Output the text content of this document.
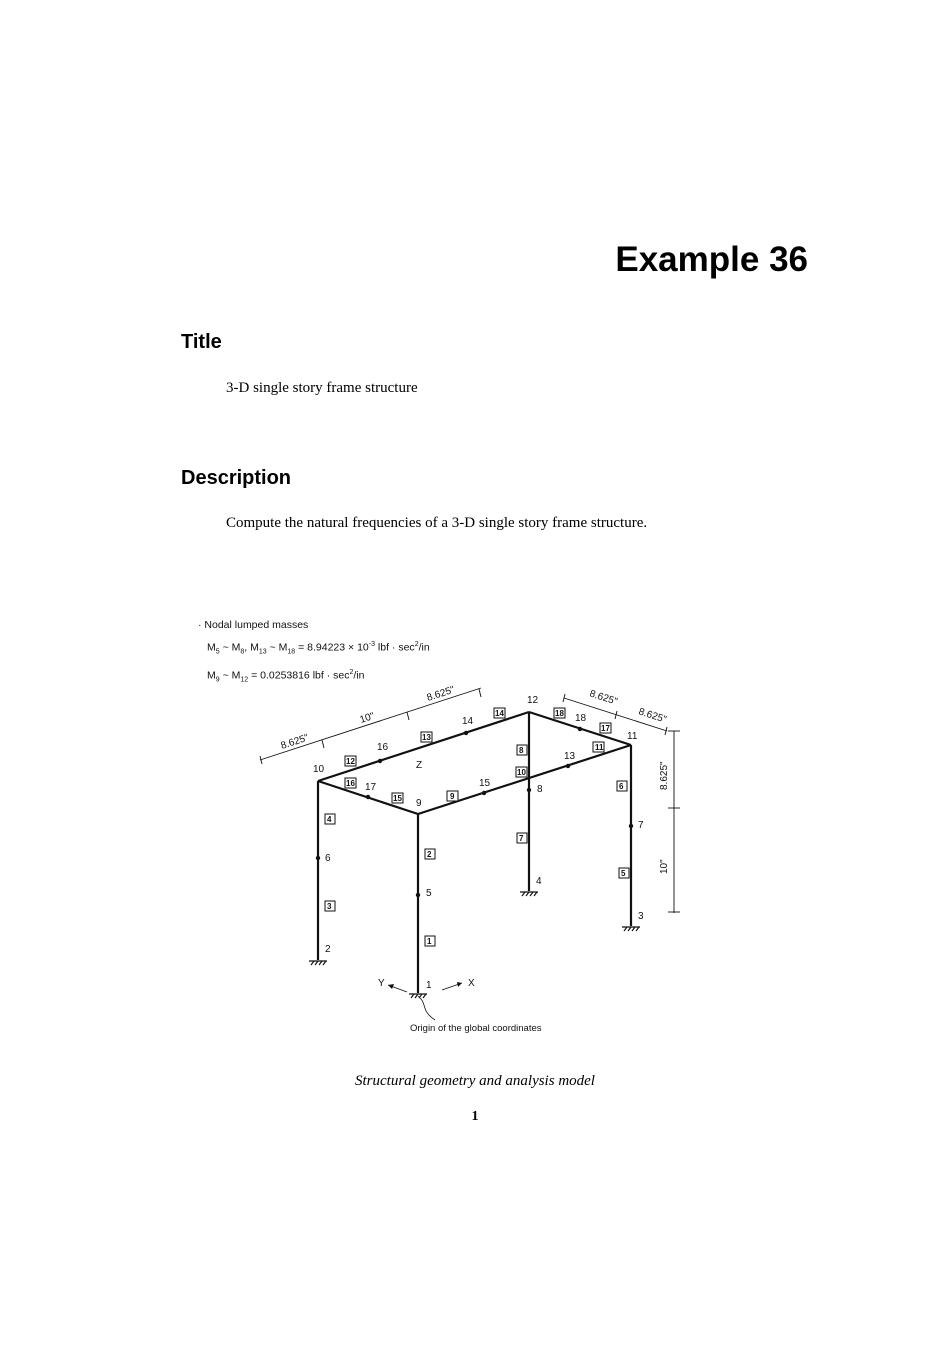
Example 36
Title
3-D single story frame structure
Description
Compute the natural frequencies of a 3-D single story frame structure.
· Nodal lumped masses
$M_5$ ~ $M_8$, $M_{13}$ ~ $M_{18} = 8.94223 \times 10^{-3}$ lbf · $\sec^2/in$
$M_9$ ~ $M_{12} = 0.0253816$ lbf · $\sec^2/in$
1
2
3
4
5
6
7
8
9
10
11
12
13
14
15
16
17
18
1
2
3
4
5
6
7
8
9
10
11
12
13
14
15
16
17
18
8.625"
10"
8.625"	8.625"
8.625"
8.625"
10"
Y	X
Z
Origin of the global coordinates
Structural geometry and analysis model
1
